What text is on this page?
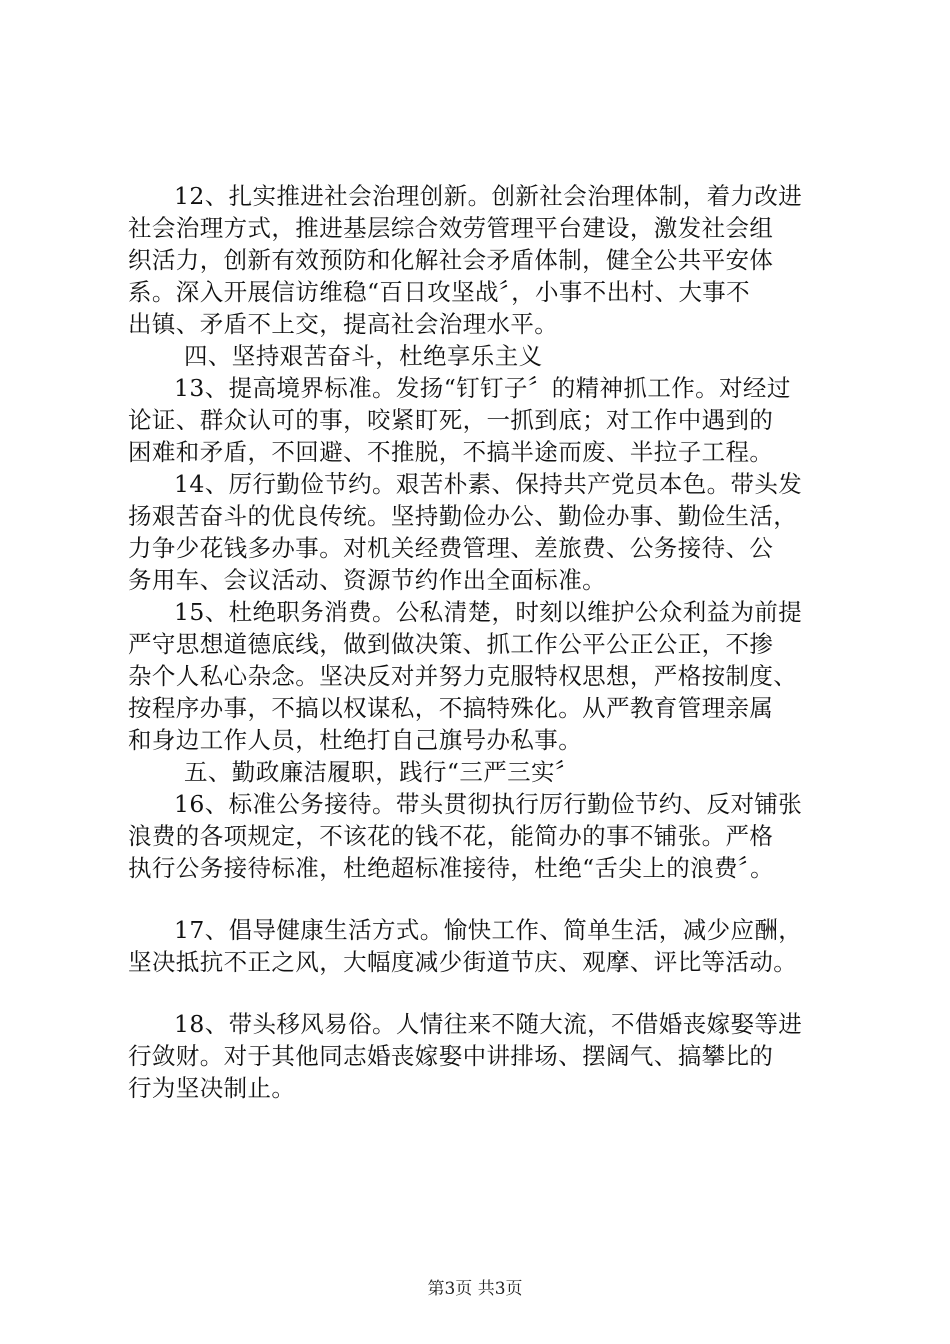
12、扎实推进社会治理创新。创新社会治理体制，着力改进
社会治理方式，推进基层综合效劳管理平台建设，激发社会组
织活力，创新有效预防和化解社会矛盾体制，健全公共平安体
系。深入开展信访维稳“百日攻坚战〞，小事不出村、大事不
出镇、矛盾不上交，提高社会治理水平。
四、坚持艰苦奋斗，杜绝享乐主义
13、提高境界标准。发扬“钉钉子〞的精神抓工作。对经过
论证、群众认可的事，咬紧盯死，一抓到底；对工作中遇到的
困难和矛盾，不回避、不推脱，不搞半途而废、半拉子工程。
14、厉行勤俭节约。艰苦朴素、保持共产党员本色。带头发
扬艰苦奋斗的优良传统。坚持勤俭办公、勤俭办事、勤俭生活，
力争少花钱多办事。对机关经费管理、差旅费、公务接待、公
务用车、会议活动、资源节约作出全面标准。
15、杜绝职务消费。公私清楚，时刻以维护公众利益为前提
严守思想道德底线，做到做决策、抓工作公平公正公正，不掺
杂个人私心杂念。坚决反对并努力克服特权思想，严格按制度、
按程序办事，不搞以权谋私，不搞特殊化。从严教育管理亲属
和身边工作人员，杜绝打自己旗号办私事。
五、勤政廉洁履职，践行“三严三实〞
16、标准公务接待。带头贯彻执行厉行勤俭节约、反对铺张
浪费的各项规定，不该花的钱不花，能简办的事不铺张。严格
执行公务接待标准，杜绝超标准接待，杜绝“舌尖上的浪费〞。
17、倡导健康生活方式。愉快工作、简单生活，减少应酬，
坚决抵抗不正之风，大幅度减少街道节庆、观摩、评比等活动。
18、带头移风易俗。人情往来不随大流，不借婚丧嫁娶等进
行敛财。对于其他同志婚丧嫁娶中讲排场、摆阔气、搞攀比的
行为坚决制止。
第3页 共3页
